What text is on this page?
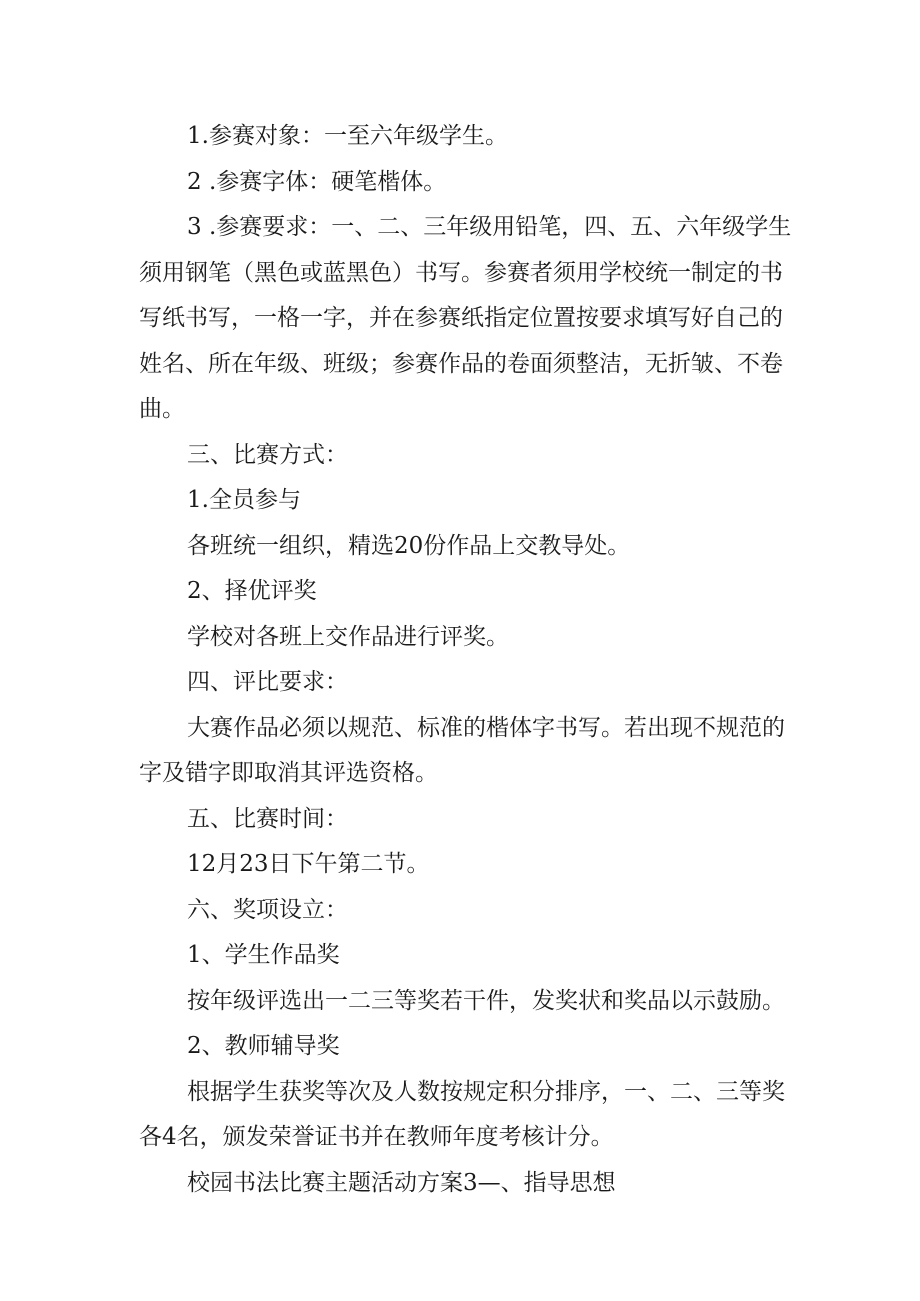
1.参赛对象：一至六年级学生。

2 .参赛字体：硬笔楷体。

3 .参赛要求：一、二、三年级用铅笔，四、五、六年级学生须用钢笔（黑色或蓝黑色）书写。参赛者须用学校统一制定的书写纸书写，一格一字，并在参赛纸指定位置按要求填写好自己的姓名、所在年级、班级；参赛作品的卷面须整洁，无折皱、不卷曲。

三、比赛方式：

1.全员参与

各班统一组织，精选20份作品上交教导处。

2、择优评奖

学校对各班上交作品进行评奖。

四、评比要求：

大赛作品必须以规范、标准的楷体字书写。若出现不规范的字及错字即取消其评选资格。

五、比赛时间：

12月23日下午第二节。

六、奖项设立：

1、学生作品奖

按年级评选出一二三等奖若干件，发奖状和奖品以示鼓励。

2、教师辅导奖

根据学生获奖等次及人数按规定积分排序，一、二、三等奖各4名，颁发荣誉证书并在教师年度考核计分。

校园书法比赛主题活动方案3—、指导思想
